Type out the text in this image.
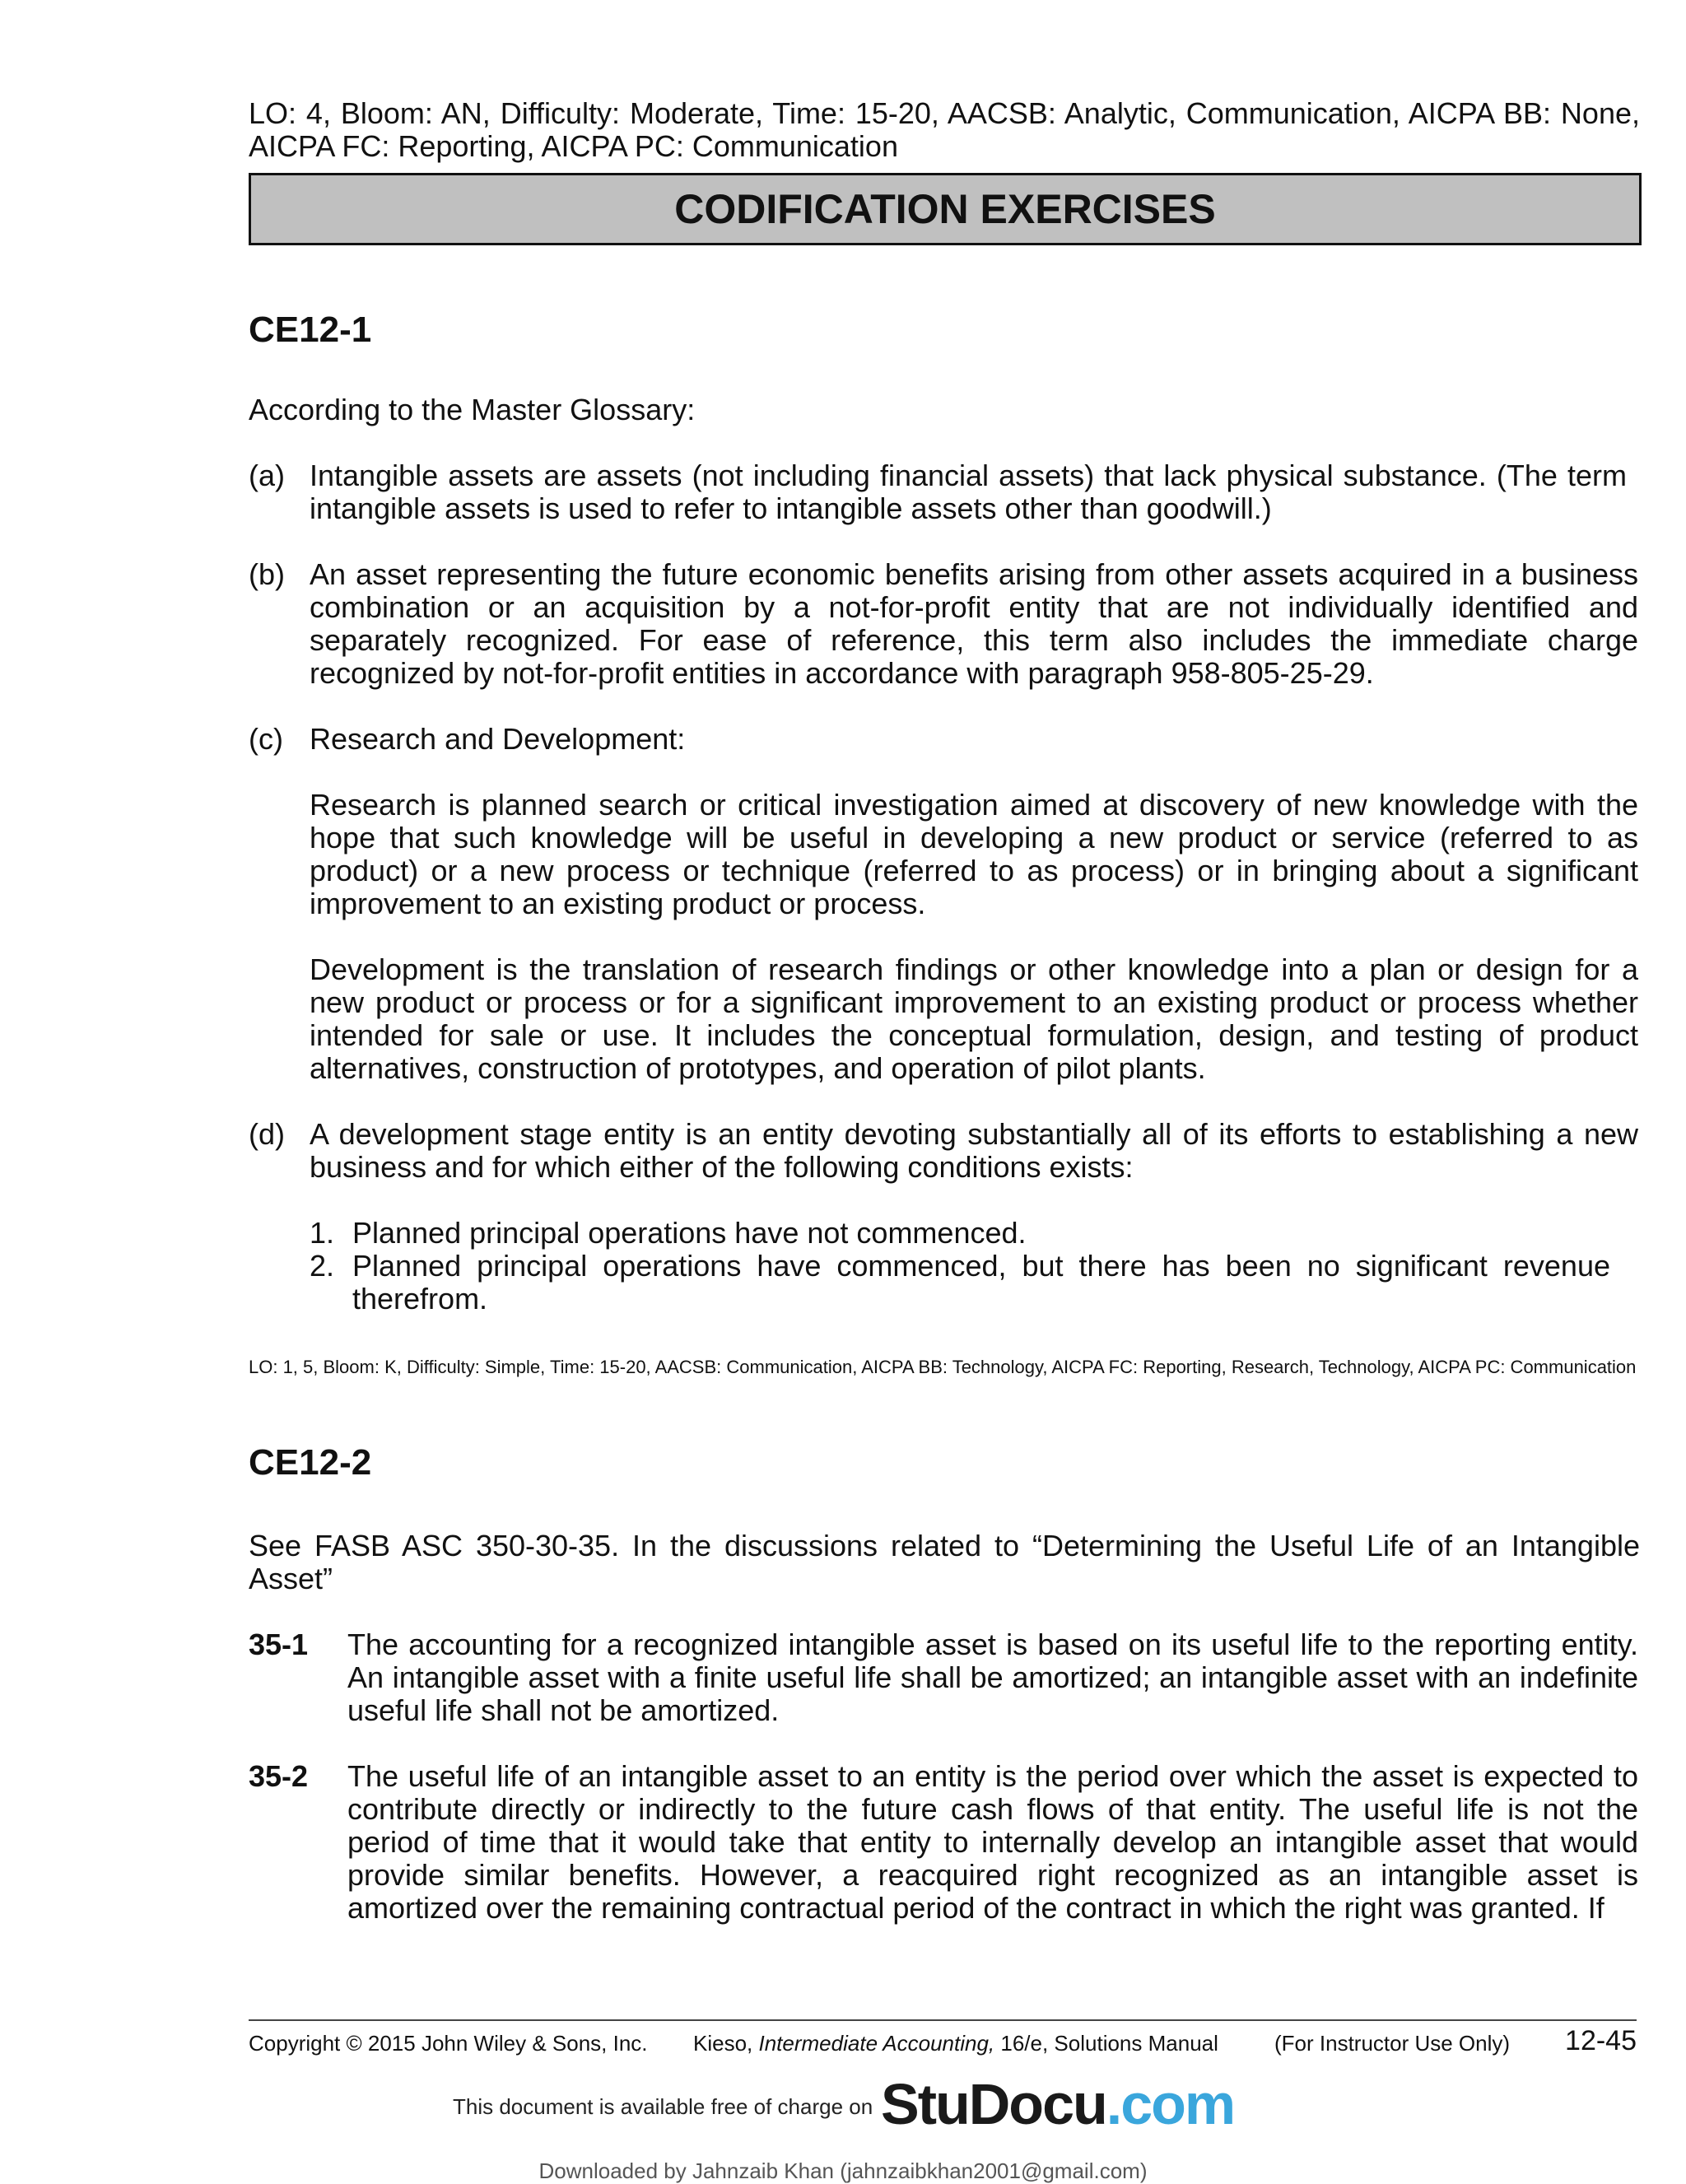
LO: 4, Bloom: AN, Difficulty: Moderate, Time: 15-20, AACSB: Analytic, Communication, AICPA BB: None, AICPA FC: Reporting, AICPA PC: Communication

CODIFICATION EXERCISES
CE12-1

According to the Master Glossary:

(a) Intangible assets are assets (not including financial assets) that lack physical substance. (The term intangible assets is used to refer to intangible assets other than goodwill.)

(b) An asset representing the future economic benefits arising from other assets acquired in a business combination or an acquisition by a not-for-profit entity that are not individually identified and separately recognized. For ease of reference, this term also includes the immediate charge recognized by not-for-profit entities in accordance with paragraph 958-805-25-29.

(c) Research and Development:

Research is planned search or critical investigation aimed at discovery of new knowledge with the hope that such knowledge will be useful in developing a new product or service (referred to as product) or a new process or technique (referred to as process) or in bringing about a significant improvement to an existing product or process.

Development is the translation of research findings or other knowledge into a plan or design for a new product or process or for a significant improvement to an existing product or process whether intended for sale or use. It includes the conceptual formulation, design, and testing of product alternatives, construction of prototypes, and operation of pilot plants.

(d) A development stage entity is an entity devoting substantially all of its efforts to establishing a new business and for which either of the following conditions exists:

1. Planned principal operations have not commenced.

2. Planned principal operations have commenced, but there has been no significant revenue therefrom.

LO: 1, 5, Bloom: K, Difficulty: Simple, Time: 15-20, AACSB: Communication, AICPA BB: Technology, AICPA FC: Reporting, Research, Technology, AICPA PC: Communication

CE12-2

See FASB ASC 350-30-35. In the discussions related to “Determining the Useful Life of an Intangible Asset”

35-1 The accounting for a recognized intangible asset is based on its useful life to the reporting entity. An intangible asset with a finite useful life shall be amortized; an intangible asset with an indefinite useful life shall not be amortized.

35-2 The useful life of an intangible asset to an entity is the period over which the asset is expected to contribute directly or indirectly to the future cash flows of that entity. The useful life is not the period of time that it would take that entity to internally develop an intangible asset that would provide similar benefits. However, a reacquired right recognized as an intangible asset is amortized over the remaining contractual period of the contract in which the right was granted. If

Copyright © 2015 John Wiley & Sons, Inc. Kieso, Intermediate Accounting, 16/e, Solutions Manual	(For Instructor Use Only) 12-45
This document is available free of charge on StuDocu.com
Downloaded by Jahnzaib Khan (jahnzaibkhan2001@gmail.com)
